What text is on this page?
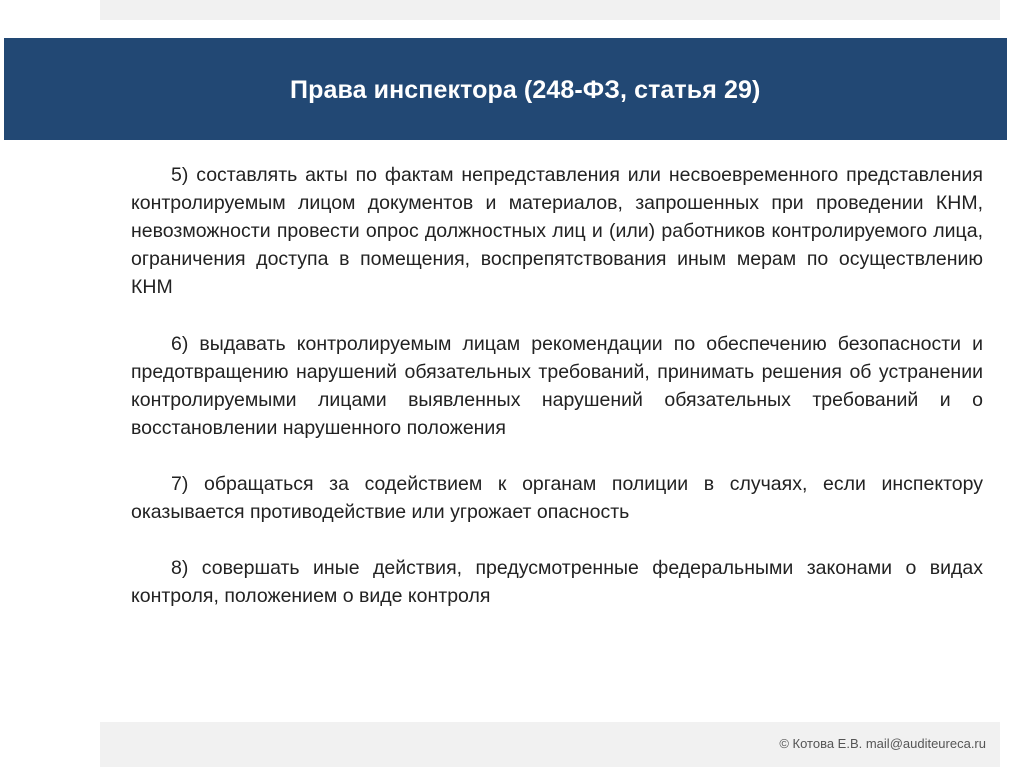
Права инспектора (248-ФЗ, статья 29)

5) составлять акты по фактам непредставления или несвоевременного представления контролируемым лицом документов и материалов, запрошенных при проведении КНМ, невозможности провести опрос должностных лиц и (или) работников контролируемого лица, ограничения доступа в помещения, воспрепятствования иным мерам по осуществлению КНМ

6) выдавать контролируемым лицам рекомендации по обеспечению безопасности и предотвращению нарушений обязательных требований, принимать решения об устранении контролируемыми лицами выявленных нарушений обязательных требований и о восстановлении нарушенного положения

7) обращаться за содействием к органам полиции в случаях, если инспектору оказывается противодействие или угрожает опасность

8) совершать иные действия, предусмотренные федеральными законами о видах контроля, положением о виде контроля

© Котова Е.В. mail@auditeureca.ru
